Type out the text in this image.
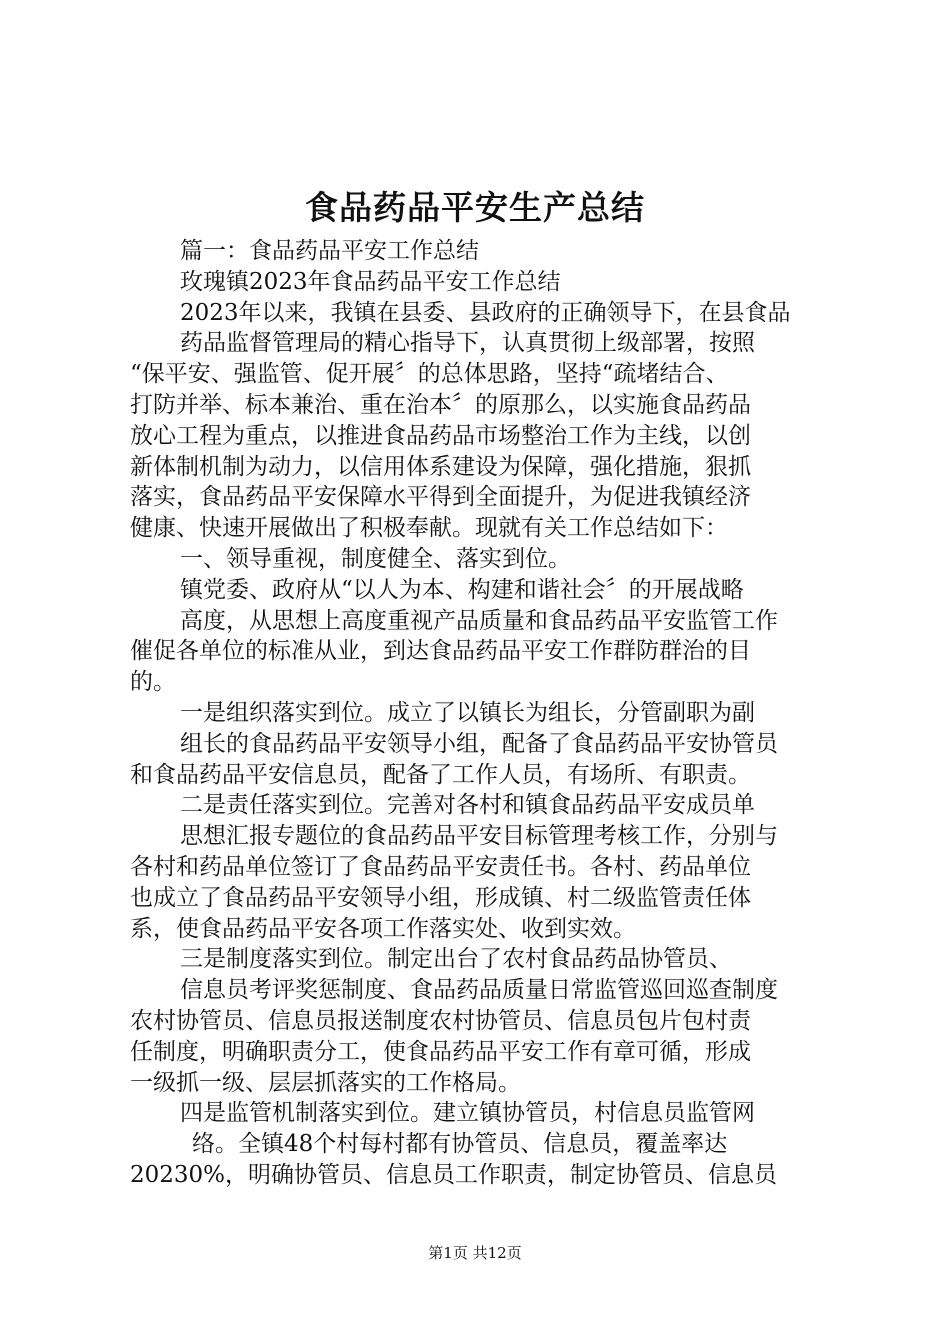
食品药品平安生产总结
篇一：食品药品平安工作总结
玫瑰镇2023年食品药品平安工作总结
2023年以来，我镇在县委、县政府的正确领导下，在县食品
药品监督管理局的精心指导下，认真贯彻上级部署，按照
“保平安、强监管、促开展〞的总体思路，坚持“疏堵结合、
打防并举、标本兼治、重在治本〞的原那么，以实施食品药品
放心工程为重点，以推进食品药品市场整治工作为主线，以创
新体制机制为动力，以信用体系建设为保障，强化措施，狠抓
落实，食品药品平安保障水平得到全面提升，为促进我镇经济
健康、快速开展做出了积极奉献。现就有关工作总结如下：
一、领导重视，制度健全、落实到位。
镇党委、政府从“以人为本、构建和谐社会〞的开展战略
高度，从思想上高度重视产品质量和食品药品平安监管工作
催促各单位的标准从业，到达食品药品平安工作群防群治的目
的。
一是组织落实到位。成立了以镇长为组长，分管副职为副
组长的食品药品平安领导小组，配备了食品药品平安协管员
和食品药品平安信息员，配备了工作人员，有场所、有职责。
二是责任落实到位。完善对各村和镇食品药品平安成员单
思想汇报专题位的食品药品平安目标管理考核工作，分别与
各村和药品单位签订了食品药品平安责任书。各村、药品单位
也成立了食品药品平安领导小组，形成镇、村二级监管责任体
系，使食品药品平安各项工作落实处、收到实效。
三是制度落实到位。制定出台了农村食品药品协管员、
信息员考评奖惩制度、食品药品质量日常监管巡回巡查制度
农村协管员、信息员报送制度农村协管员、信息员包片包村责
任制度，明确职责分工，使食品药品平安工作有章可循，形成
一级抓一级、层层抓落实的工作格局。
四是监管机制落实到位。建立镇协管员，村信息员监管网
络。全镇48个村每村都有协管员、信息员，覆盖率达
20230%，明确协管员、信息员工作职责，制定协管员、信息员
第1页 共12页
